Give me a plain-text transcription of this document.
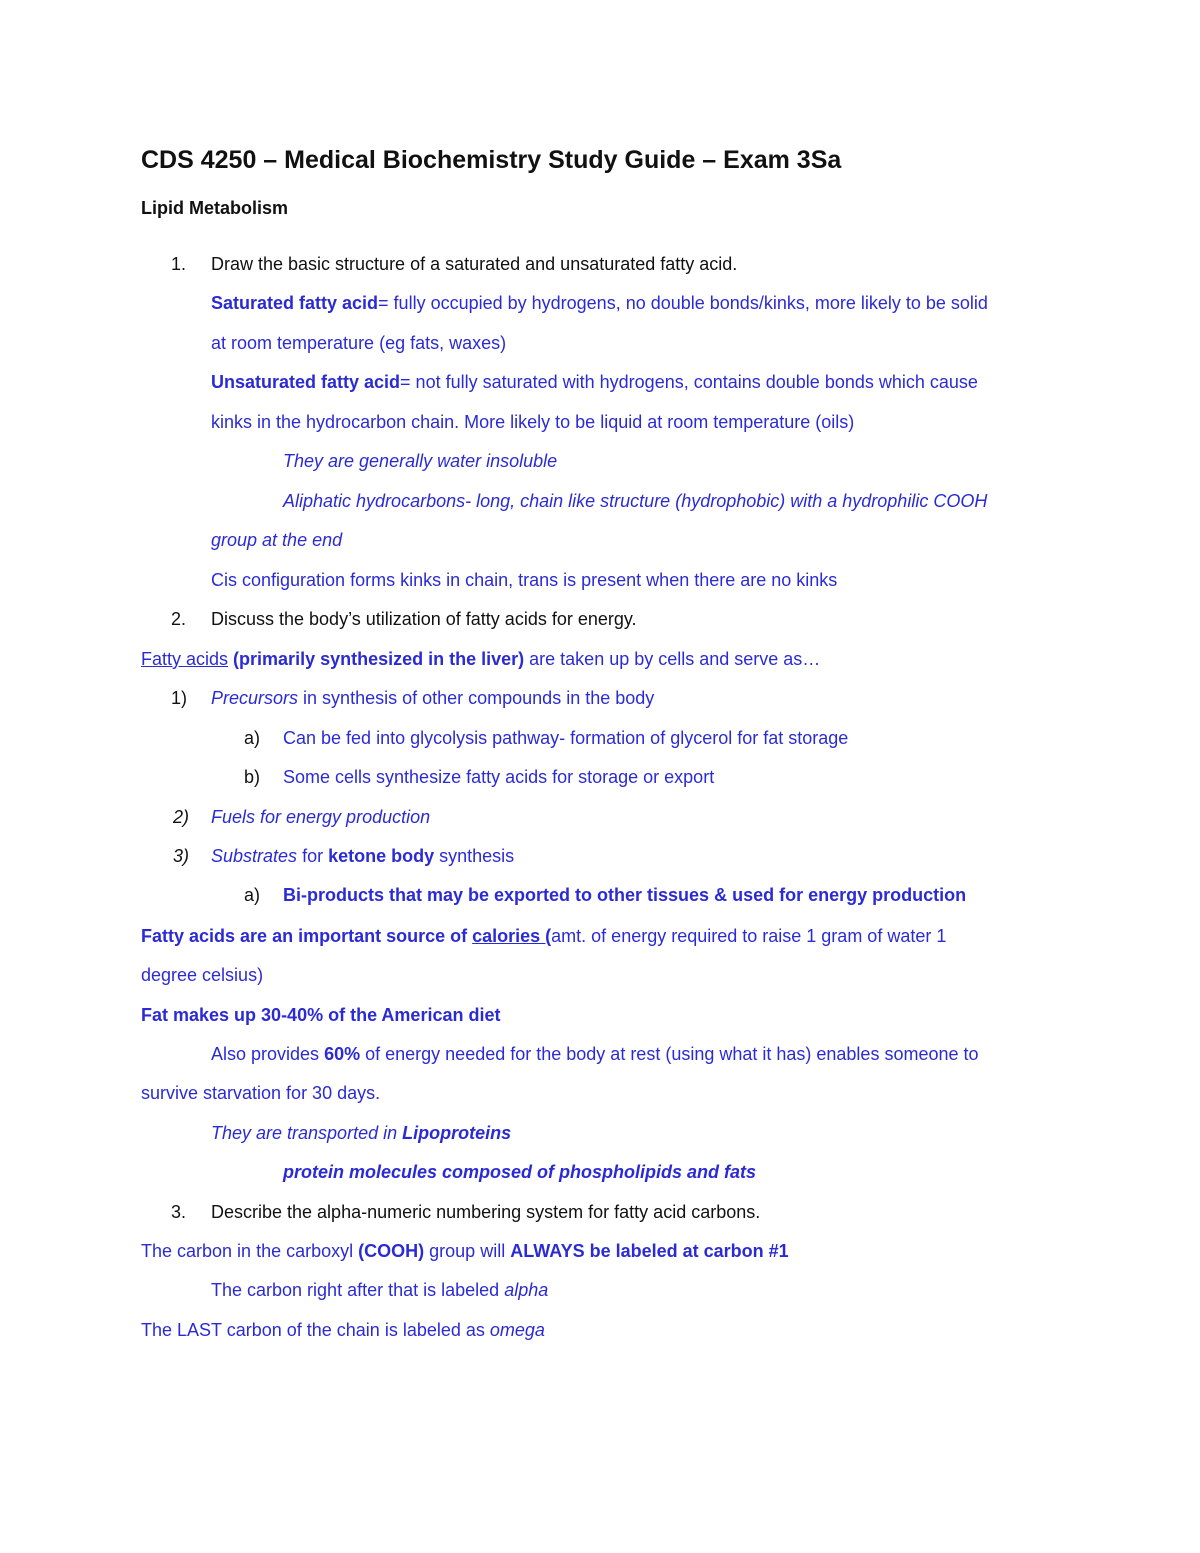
CDS 4250 – Medical Biochemistry Study Guide – Exam 3Sa
Lipid Metabolism
1. Draw the basic structure of a saturated and unsaturated fatty acid.
Saturated fatty acid= fully occupied by hydrogens, no double bonds/kinks, more likely to be solid
at room temperature (eg fats, waxes)
Unsaturated fatty acid= not fully saturated with hydrogens, contains double bonds which cause
kinks in the hydrocarbon chain. More likely to be liquid at room temperature (oils)
They are generally water insoluble
Aliphatic hydrocarbons- long, chain like structure (hydrophobic) with a hydrophilic COOH
group at the end
Cis configuration forms kinks in chain, trans is present when there are no kinks
2. Discuss the body’s utilization of fatty acids for energy.
Fatty acids (primarily synthesized in the liver) are taken up by cells and serve as…
1) Precursors in synthesis of other compounds in the body
a) Can be fed into glycolysis pathway- formation of glycerol for fat storage
b) Some cells synthesize fatty acids for storage or export
2) Fuels for energy production
3) Substrates for ketone body synthesis
a) Bi-products that may be exported to other tissues & used for energy production
Fatty acids are an important source of calories (amt. of energy required to raise 1 gram of water 1
degree celsius)
Fat makes up 30-40% of the American diet
Also provides 60% of energy needed for the body at rest (using what it has) enables someone to
survive starvation for 30 days.
They are transported in Lipoproteins
protein molecules composed of phospholipids and fats
3. Describe the alpha-numeric numbering system for fatty acid carbons.
The carbon in the carboxyl (COOH) group will ALWAYS be labeled at carbon #1
The carbon right after that is labeled alpha
The LAST carbon of the chain is labeled as omega
